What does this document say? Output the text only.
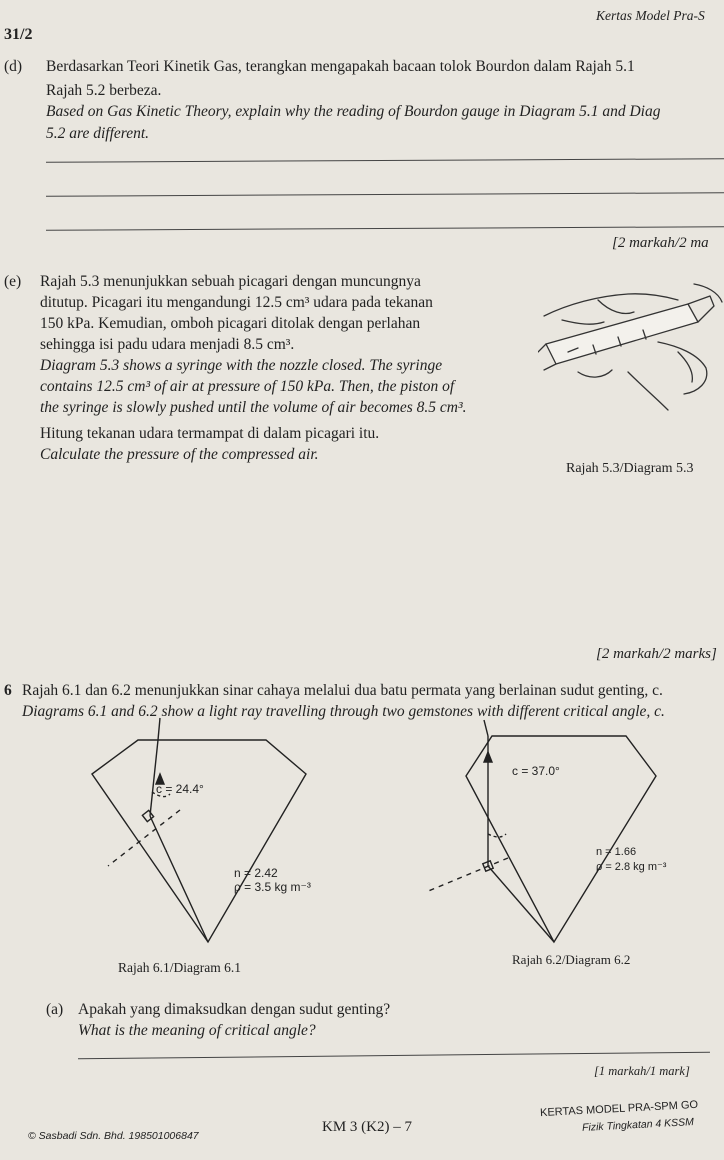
31/2
Kertas Model Pra-S
(d) Berdasarkan Teori Kinetik Gas, terangkan mengapakah bacaan tolok Bourdon dalam Rajah 5.1
Rajah 5.2 berbeza.
Based on Gas Kinetic Theory, explain why the reading of Bourdon gauge in Diagram 5.1 and Diag
5.2 are different.
[2 markah/2 ma
(e) Rajah 5.3 menunjukkan sebuah picagari dengan muncungnya
ditutup. Picagari itu mengandungi 12.5 cm³ udara pada tekanan
150 kPa. Kemudian, omboh picagari ditolak dengan perlahan
sehingga isi padu udara menjadi 8.5 cm³.
Diagram 5.3 shows a syringe with the nozzle closed. The syringe
contains 12.5 cm³ of air at pressure of 150 kPa. Then, the piston of
the syringe is slowly pushed until the volume of air becomes 8.5 cm³.
Hitung tekanan udara termampat di dalam picagari itu.
Calculate the pressure of the compressed air.
Rajah 5.3/Diagram 5.3
[2 markah/2 marks]
6 Rajah 6.1 dan 6.2 menunjukkan sinar cahaya melalui dua batu permata yang berlainan sudut genting, c.
Diagrams 6.1 and 6.2 show a light ray travelling through two gemstones with different critical angle, c.
c = 24.4°
n = 2.42
ρ = 3.5 kg m⁻³
Rajah 6.1/Diagram 6.1
c = 37.0°
n = 1.66
ρ = 2.8 kg m⁻³
Rajah 6.2/Diagram 6.2
(a) Apakah yang dimaksudkan dengan sudut genting?
What is the meaning of critical angle?
[1 markah/1 mark]
© Sasbadi Sdn. Bhd. 198501006847
KM 3 (K2) – 7
KERTAS MODEL PRA-SPM GO
Fizik Tingkatan 4 KSSM
